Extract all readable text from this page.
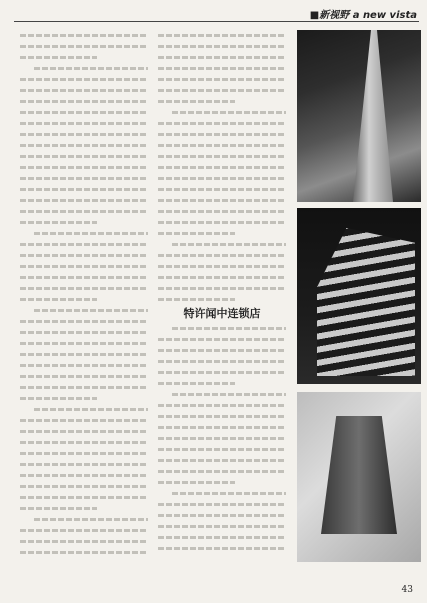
■新视野 a new vista
特许闻中连锁店
43
